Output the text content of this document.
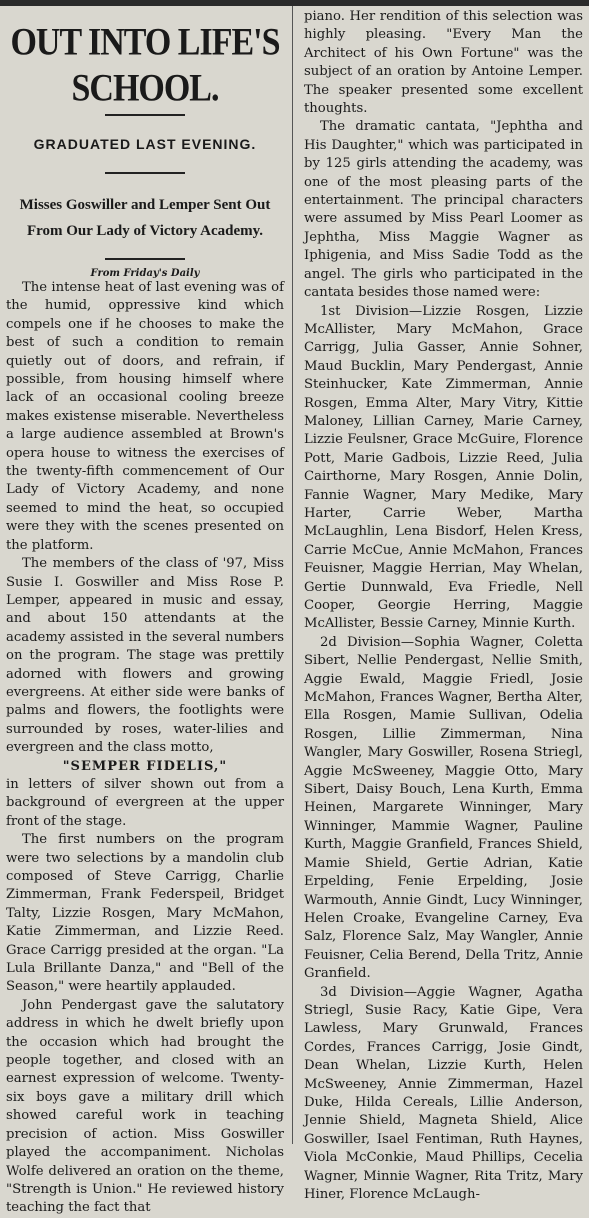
OUT INTO LIFE'S SCHOOL.
GRADUATED LAST EVENING.
Misses Goswiller and Lemper Sent Out From Our Lady of Victory Academy.
From Friday's Daily

The intense heat of last evening was of the humid, oppressive kind which compels one if he chooses to make the best of such a condition to remain quietly out of doors, and refrain, if possible, from housing himself where lack of an occasional cooling breeze makes existense miserable. Nevertheless a large audience assembled at Brown's opera house to witness the exercises of the twenty-fifth commencement of Our Lady of Victory Academy, and none seemed to mind the heat, so occupied were they with the scenes presented on the platform.

The members of the class of '97, Miss Susie I. Goswiller and Miss Rose P. Lemper, appeared in music and essay, and about 150 attendants at the academy assisted in the several numbers on the program. The stage was prettily adorned with flowers and growing evergreens. At either side were banks of palms and flowers, the footlights were surrounded by roses, water-lilies and evergreen and the class motto,

"SEMPER FIDELIS,"

in letters of silver shown out from a background of evergreen at the upper front of the stage.

The first numbers on the program were two selections by a mandolin club composed of Steve Carrigg, Charlie Zimmerman, Frank Federspeil, Bridget Talty, Lizzie Rosgen, Mary McMahon, Katie Zimmerman, and Lizzie Reed. Grace Carrigg presided at the organ. "La Lula Brillante Danza," and "Bell of the Season," were heartily applauded.

John Pendergast gave the salutatory address in which he dwelt briefly upon the occasion which had brought the people together, and closed with an earnest expression of welcome. Twenty-six boys gave a military drill which showed careful work in teaching precision of action. Miss Goswiller played the accompaniment. Nicholas Wolfe delivered an oration on the theme, "Strength is Union." He reviewed history teaching the fact that

piano. Her rendition of this selection was highly pleasing. "Every Man the Architect of his Own Fortune" was the subject of an oration by Antoine Lemper. The speaker presented some excellent thoughts.

The dramatic cantata, "Jephtha and His Daughter," which was participated in by 125 girls attending the academy, was one of the most pleasing parts of the entertainment. The principal characters were assumed by Miss Pearl Loomer as Jephtha, Miss Maggie Wagner as Iphigenia, and Miss Sadie Todd as the angel. The girls who participated in the cantata besides those named were:

1st Division—Lizzie Rosgen, Lizzie McAllister, Mary McMahon, Grace Carrigg, Julia Gasser, Annie Sohner, Maud Bucklin, Mary Pendergast, Annie Steinhucker, Kate Zimmerman, Annie Rosgen, Emma Alter, Mary Vitry, Kittie Maloney, Lillian Carney, Marie Carney, Lizzie Feulsner, Grace McGuire, Florence Pott, Marie Gadbois, Lizzie Reed, Julia Cairthorne, Mary Rosgen, Annie Dolin, Fannie Wagner, Mary Medike, Mary Harter, Carrie Weber, Martha McLaughlin, Lena Bisdorf, Helen Kress, Carrie McCue, Annie McMahon, Frances Feuisner, Maggie Herrian, May Whelan, Gertie Dunnwald, Eva Friedle, Nell Cooper, Georgie Herring, Maggie McAllister, Bessie Carney, Minnie Kurth.

2d Division—Sophia Wagner, Coletta Sibert, Nellie Pendergast, Nellie Smith, Aggie Ewald, Maggie Friedl, Josie McMahon, Frances Wagner, Bertha Alter, Ella Rosgen, Mamie Sullivan, Odelia Rosgen, Lillie Zimmerman, Nina Wangler, Mary Goswiller, Rosena Striegl, Aggie McSweeney, Maggie Otto, Mary Sibert, Daisy Bouch, Lena Kurth, Emma Heinen, Margarete Winninger, Mary Winninger, Mammie Wagner, Pauline Kurth, Maggie Granfield, Frances Shield, Mamie Shield, Gertie Adrian, Katie Erpelding, Fenie Erpelding, Josie Warmouth, Annie Gindt, Lucy Winninger, Helen Croake, Evangeline Carney, Eva Salz, Florence Salz, May Wangler, Annie Feuisner, Celia Berend, Della Tritz, Annie Granfield.

3d Division—Aggie Wagner, Agatha Striegl, Susie Racy, Katie Gipe, Vera Lawless, Mary Grunwald, Frances Cordes, Frances Carrigg, Josie Gindt, Dean Whelan, Lizzie Kurth, Helen McSweeney, Annie Zimmerman, Hazel Duke, Hilda Cereals, Lillie Anderson, Jennie Shield, Magneta Shield, Alice Goswiller, Isael Fentiman, Ruth Haynes, Viola McConkie, Maud Phillips, Cecelia Wagner, Minnie Wagner, Rita Tritz, Mary Hiner, Florence McLaugh-
